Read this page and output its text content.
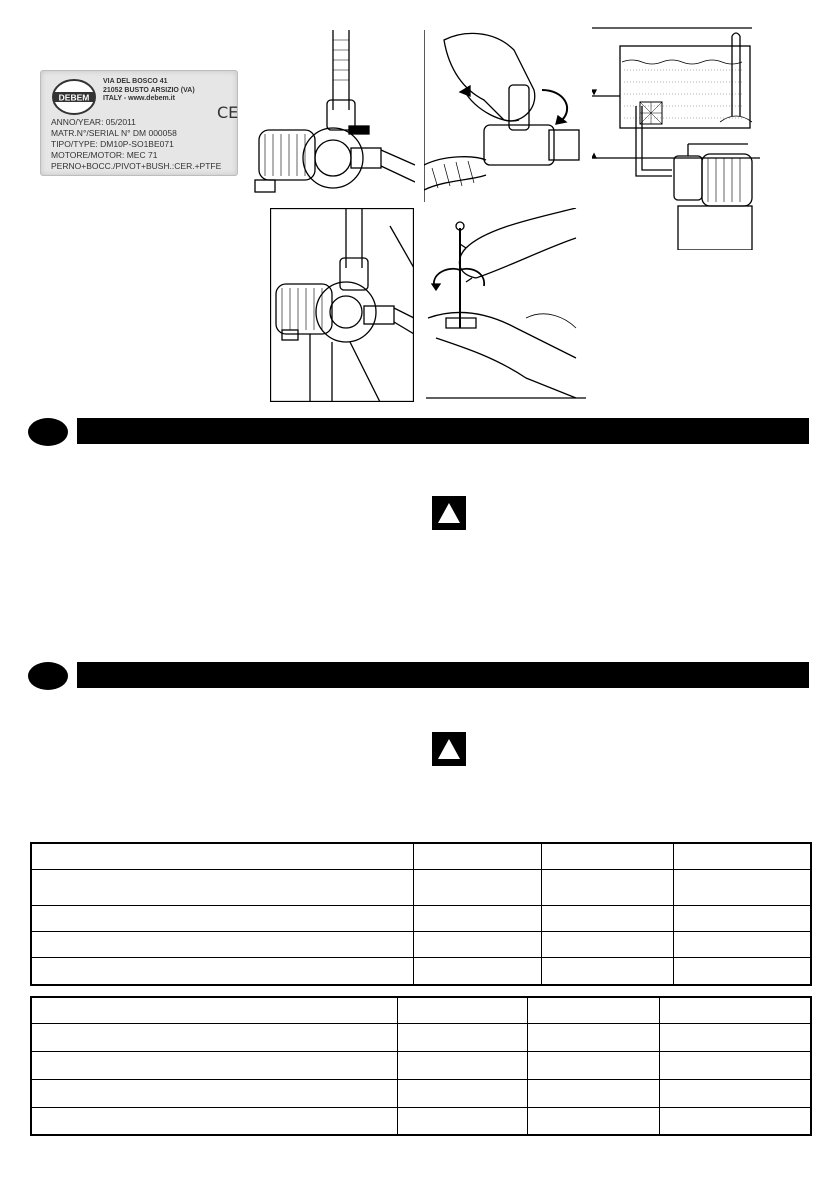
DEBEM
VIA DEL BOSCO 41
21052 BUSTO ARSIZIO (VA)
ITALY - www.debem.it
CE
ANNO/YEAR: 05/2011
MATR.N°/SERIAL N° DM 000058
TIPO/TYPE: DM10P-SO1BE071
MOTORE/MOTOR: MEC 71
PERNO+BOCC./PIVOT+BUSH.:CER.+PTFE
